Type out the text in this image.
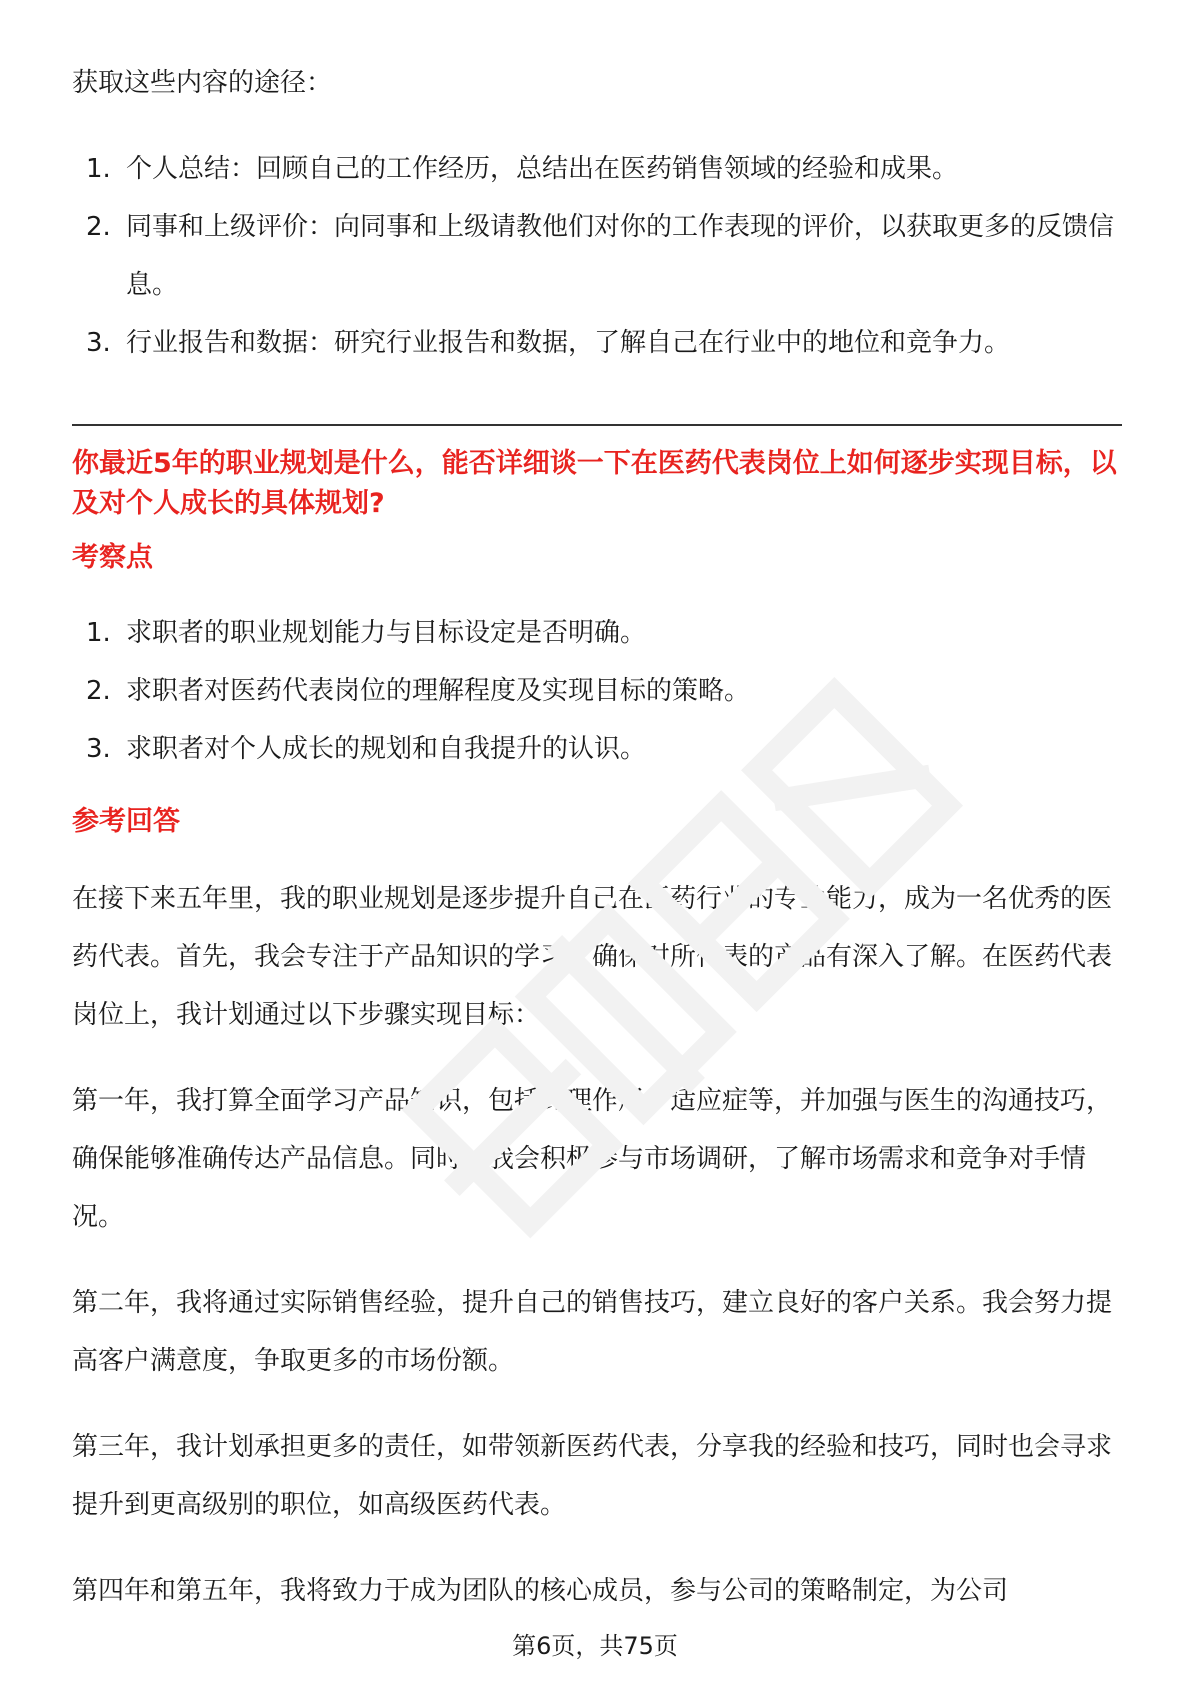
获取这些内容的途径：

1. 个人总结：回顾自己的工作经历，总结出在医药销售领域的经验和成果。
2. 同事和上级评价：向同事和上级请教他们对你的工作表现的评价，以获取更多的反馈信息。
3. 行业报告和数据：研究行业报告和数据，了解自己在行业中的地位和竞争力。
你最近5年的职业规划是什么，能否详细谈一下在医药代表岗位上如何逐步实现目标，以及对个人成长的具体规划?
考察点
1. 求职者的职业规划能力与目标设定是否明确。
2. 求职者对医药代表岗位的理解程度及实现目标的策略。
3. 求职者对个人成长的规划和自我提升的认识。
参考回答

在接下来五年里，我的职业规划是逐步提升自己在医药行业的专业能力，成为一名优秀的医药代表。首先，我会专注于产品知识的学习，确保对所代表的产品有深入了解。在医药代表岗位上，我计划通过以下步骤实现目标：

第一年，我打算全面学习产品知识，包括药理作用、适应症等，并加强与医生的沟通技巧，确保能够准确传达产品信息。同时，我会积极参与市场调研，了解市场需求和竞争对手情况。

第二年，我将通过实际销售经验，提升自己的销售技巧，建立良好的客户关系。我会努力提高客户满意度，争取更多的市场份额。

第三年，我计划承担更多的责任，如带领新医药代表，分享我的经验和技巧，同时也会寻求提升到更高级别的职位，如高级医药代表。

第四年和第五年，我将致力于成为团队的核心成员，参与公司的策略制定，为公司

第6页，共75页
